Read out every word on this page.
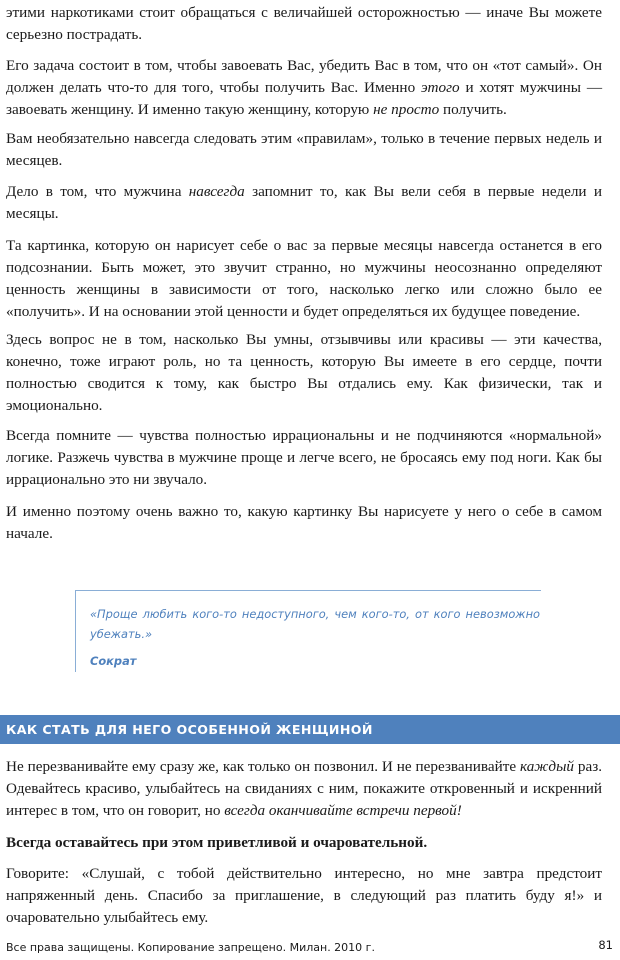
этими наркотиками стоит обращаться с величайшей осторожностью — иначе Вы можете серьезно пострадать.

Его задача состоит в том, чтобы завоевать Вас, убедить Вас в том, что он «тот самый». Он должен делать что-то для того, чтобы получить Вас. Именно этого и хотят мужчины — завоевать женщину. И именно такую женщину, которую не просто получить.

Вам необязательно навсегда следовать этим «правилам», только в течение первых недель и месяцев.

Дело в том, что мужчина навсегда запомнит то, как Вы вели себя в первые недели и месяцы.

Та картинка, которую он нарисует себе о вас за первые месяцы навсегда останется в его подсознании. Быть может, это звучит странно, но мужчины неосознанно определяют ценность женщины в зависимости от того, насколько легко или сложно было ее «получить». И на основании этой ценности и будет определяться их будущее поведение.

Здесь вопрос не в том, насколько Вы умны, отзывчивы или красивы — эти качества, конечно, тоже играют роль, но та ценность, которую Вы имеете в его сердце, почти полностью сводится к тому, как быстро Вы отдались ему. Как физически, так и эмоционально.

Всегда помните — чувства полностью иррациональны и не подчиняются «нормальной» логике. Разжечь чувства в мужчине проще и легче всего, не бросаясь ему под ноги. Как бы иррационально это ни звучало.

И именно поэтому очень важно то, какую картинку Вы нарисуете у него о себе в самом начале.

«Проще любить кого-то недоступного, чем кого-то, от кого невозможно убежать.»

Сократ

КАК СТАТЬ ДЛЯ НЕГО ОСОБЕННОЙ ЖЕНЩИНОЙ

Не перезванивайте ему сразу же, как только он позвонил. И не перезванивайте каждый раз. Одевайтесь красиво, улыбайтесь на свиданиях с ним, покажите откровенный и искренний интерес в том, что он говорит, но всегда оканчивайте встречи первой!

Всегда оставайтесь при этом приветливой и очаровательной.

Говорите: «Слушай, с тобой действительно интересно, но мне завтра предстоит напряженный день. Спасибо за приглашение, в следующий раз платить буду я!» и очаровательно улыбайтесь ему.

Все права защищены. Копирование запрещено. Милан. 2010 г.	81
